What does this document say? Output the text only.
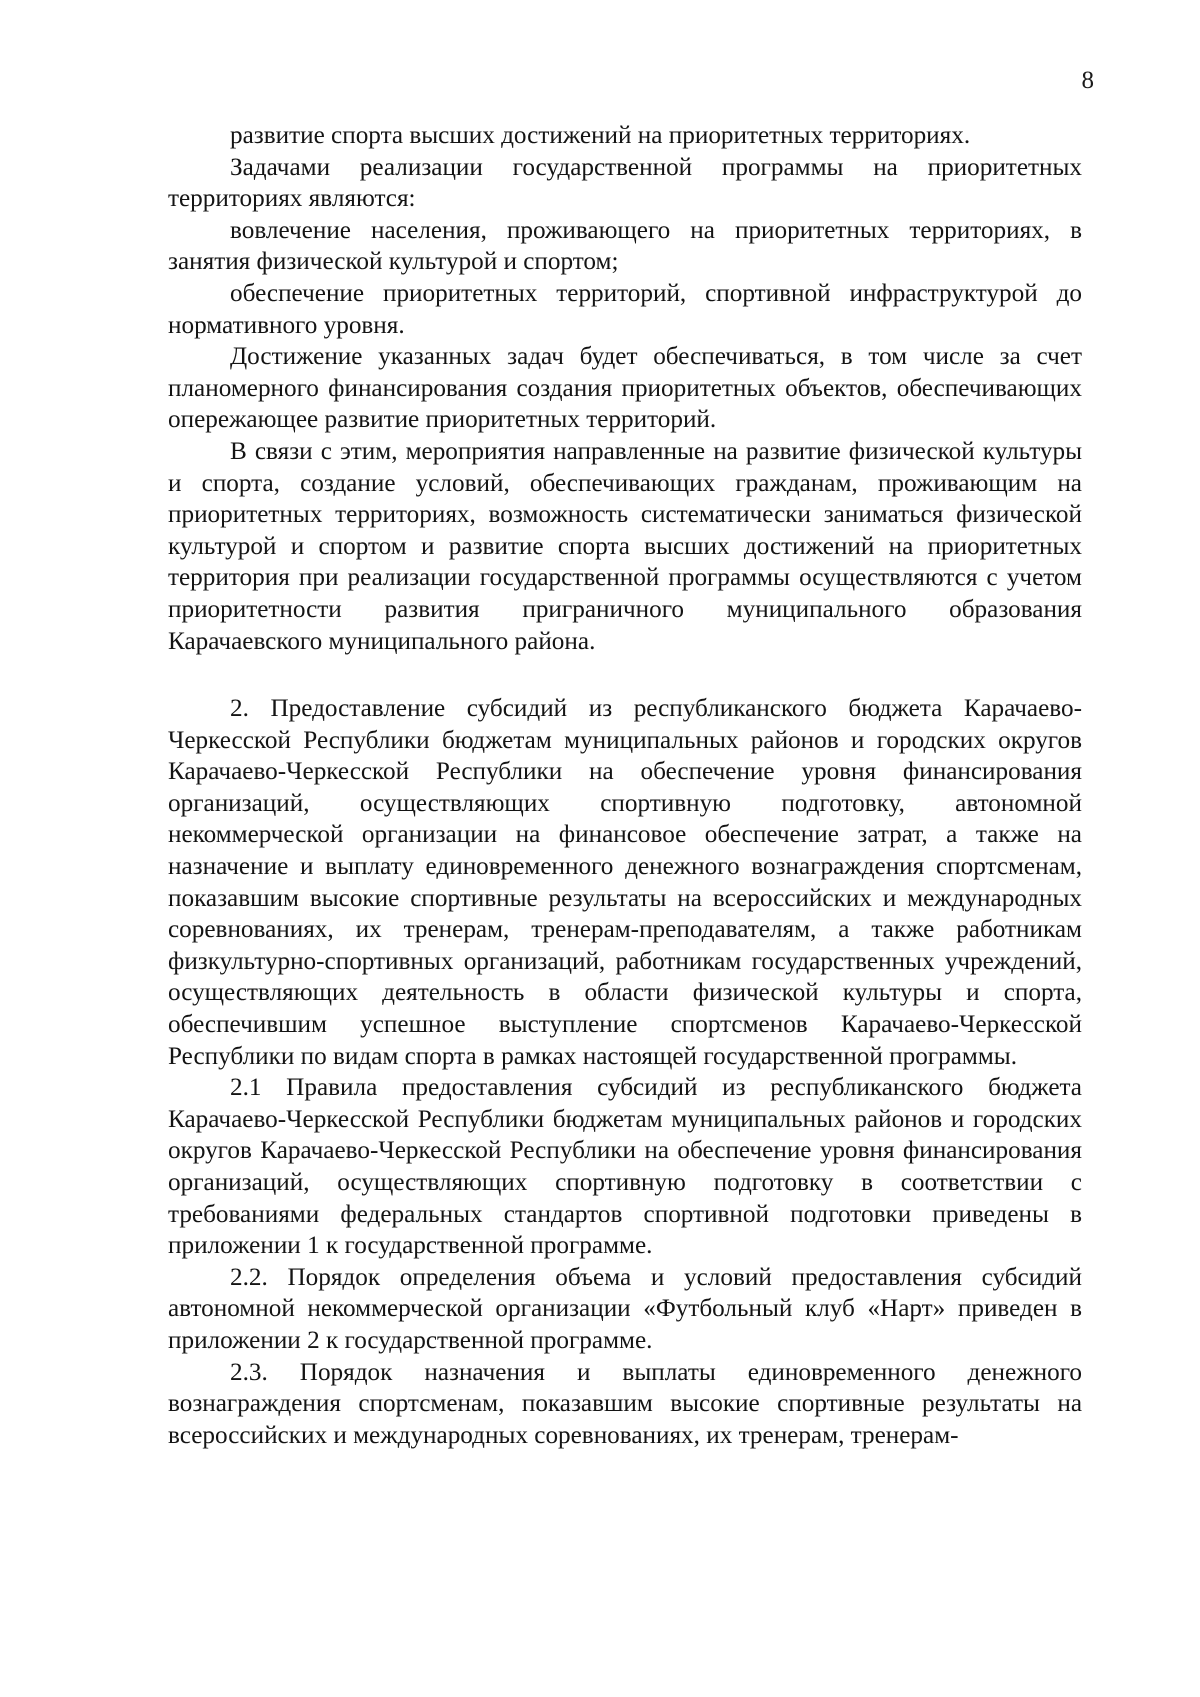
8

развитие спорта высших достижений на приоритетных территориях.

Задачами реализации государственной программы на приоритетных территориях являются:

вовлечение населения, проживающего на приоритетных территориях, в занятия физической культурой и спортом;

обеспечение приоритетных территорий, спортивной инфраструктурой до нормативного уровня.

Достижение указанных задач будет обеспечиваться, в том числе за счет планомерного финансирования создания приоритетных объектов, обеспечивающих опережающее развитие приоритетных территорий.

В связи с этим, мероприятия направленные на развитие физической культуры и спорта, создание условий, обеспечивающих гражданам, проживающим на приоритетных территориях, возможность систематически заниматься физической культурой и спортом и развитие спорта высших достижений на приоритетных территория при реализации государственной программы осуществляются с учетом приоритетности развития приграничного муниципального образования Карачаевского муниципального района.

2. Предоставление субсидий из республиканского бюджета Карачаево-Черкесской Республики бюджетам муниципальных районов и городских округов Карачаево-Черкесской Республики на обеспечение уровня финансирования организаций, осуществляющих спортивную подготовку, автономной некоммерческой организации на финансовое обеспечение затрат, а также на назначение и выплату единовременного денежного вознаграждения спортсменам, показавшим высокие спортивные результаты на всероссийских и международных соревнованиях, их тренерам, тренерам-преподавателям, а также работникам физкультурно-спортивных организаций, работникам государственных учреждений, осуществляющих деятельность в области физической культуры и спорта, обеспечившим успешное выступление спортсменов Карачаево-Черкесской Республики по видам спорта в рамках настоящей государственной программы.

2.1 Правила предоставления субсидий из республиканского бюджета Карачаево-Черкесской Республики бюджетам муниципальных районов и городских округов Карачаево-Черкесской Республики на обеспечение уровня финансирования организаций, осуществляющих спортивную подготовку в соответствии с требованиями федеральных стандартов спортивной подготовки приведены в приложении 1 к государственной программе.

2.2. Порядок определения объема и условий предоставления субсидий автономной некоммерческой организации «Футбольный клуб «Нарт» приведен в приложении 2 к государственной программе.

2.3. Порядок назначения и выплаты единовременного денежного вознаграждения спортсменам, показавшим высокие спортивные результаты на всероссийских и международных соревнованиях, их тренерам, тренерам-
